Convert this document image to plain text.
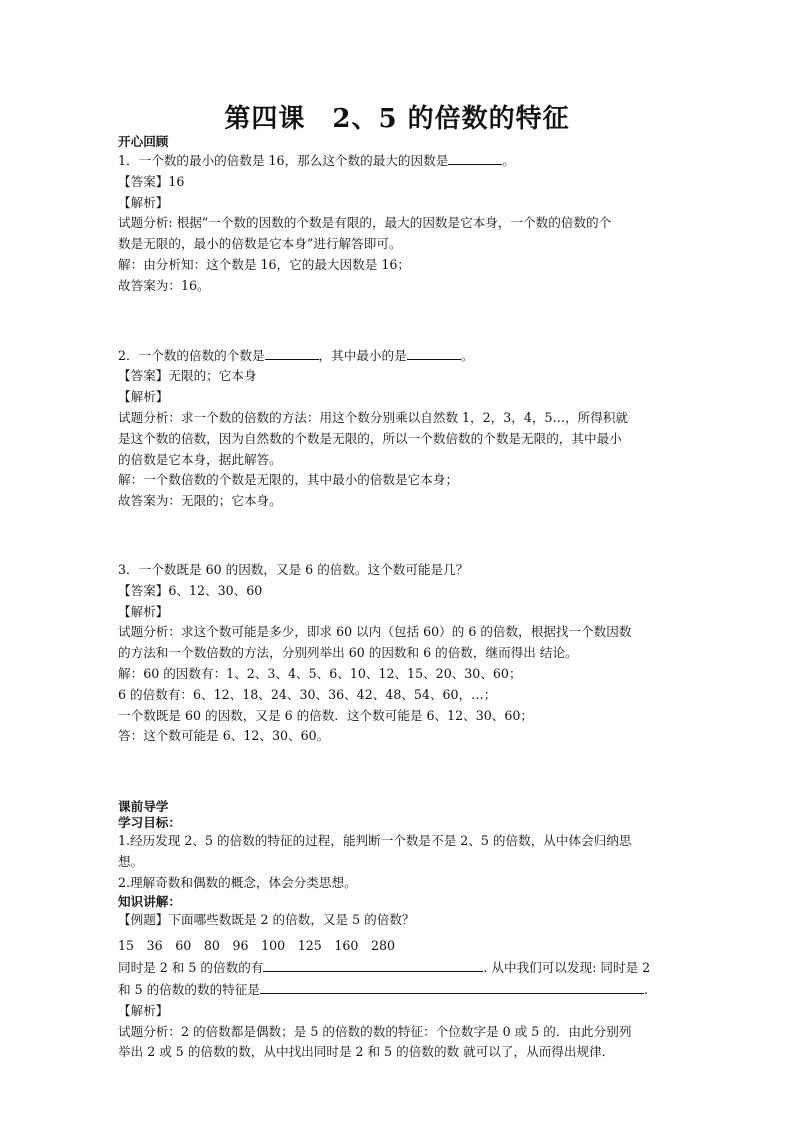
第四课　2、5 的倍数的特征

开心回顾

1．一个数的最小的倍数是 16，那么这个数的最大的因数是	。

【答案】16

【解析】

试题分析: 根据“一个数的因数的个数是有限的，最大的因数是它本身，一个数的倍数的个

数是无限的，最小的倍数是它本身”进行解答即可。

解：由分析知：这个数是 16，它的最大因数是 16；

故答案为：16。

2．一个数的倍数的个数是	，其中最小的是	。

【答案】无限的；它本身

【解析】

试题分析：求一个数的倍数的方法：用这个数分别乘以自然数 1，2，3，4，5…，所得积就

是这个数的倍数，因为自然数的个数是无限的，所以一个数倍数的个数是无限的，其中最小

的倍数是它本身，据此解答。

解：一个数倍数的个数是无限的，其中最小的倍数是它本身；

故答案为：无限的；它本身。

3．一个数既是 60 的因数，又是 6 的倍数。这个数可能是几？

【答案】6、12、30、60

【解析】

试题分析：求这个数可能是多少，即求 60 以内（包括 60）的 6 的倍数，根据找一个数因数

的方法和一个数倍数的方法，分别列举出 60 的因数和 6 的倍数，继而得出 结论。

解：60 的因数有：1、2、3、4、5、6、10、12、15、20、30、60；

6 的倍数有：6、12、18、24、30、36、42、48、54、60，…；

一个数既是 60 的因数，又是 6 的倍数．这个数可能是 6、12、30、60；

答：这个数可能是 6、12、30、60。

课前导学

学习目标：

1.经历发现 2、5 的倍数的特征的过程，能判断一个数是不是 2、5 的倍数，从中体会归纳思

想。

2.理解奇数和偶数的概念，体会分类思想。

知识讲解：

【例题】下面哪些数既是 2 的倍数，又是 5 的倍数？

15　36　60　80　96　100　125　160　280

同时是 2 和 5 的倍数的有	. 从中我们可以发现: 同时是 2

和 5 的倍数的数的特征是	.

【解析】

试题分析：2 的倍数都是偶数；是 5 的倍数的数的特征：个位数字是 0 或 5 的．由此分别列

举出 2 或 5 的倍数的数，从中找出同时是 2 和 5 的倍数的数 就可以了，从而得出规律．
